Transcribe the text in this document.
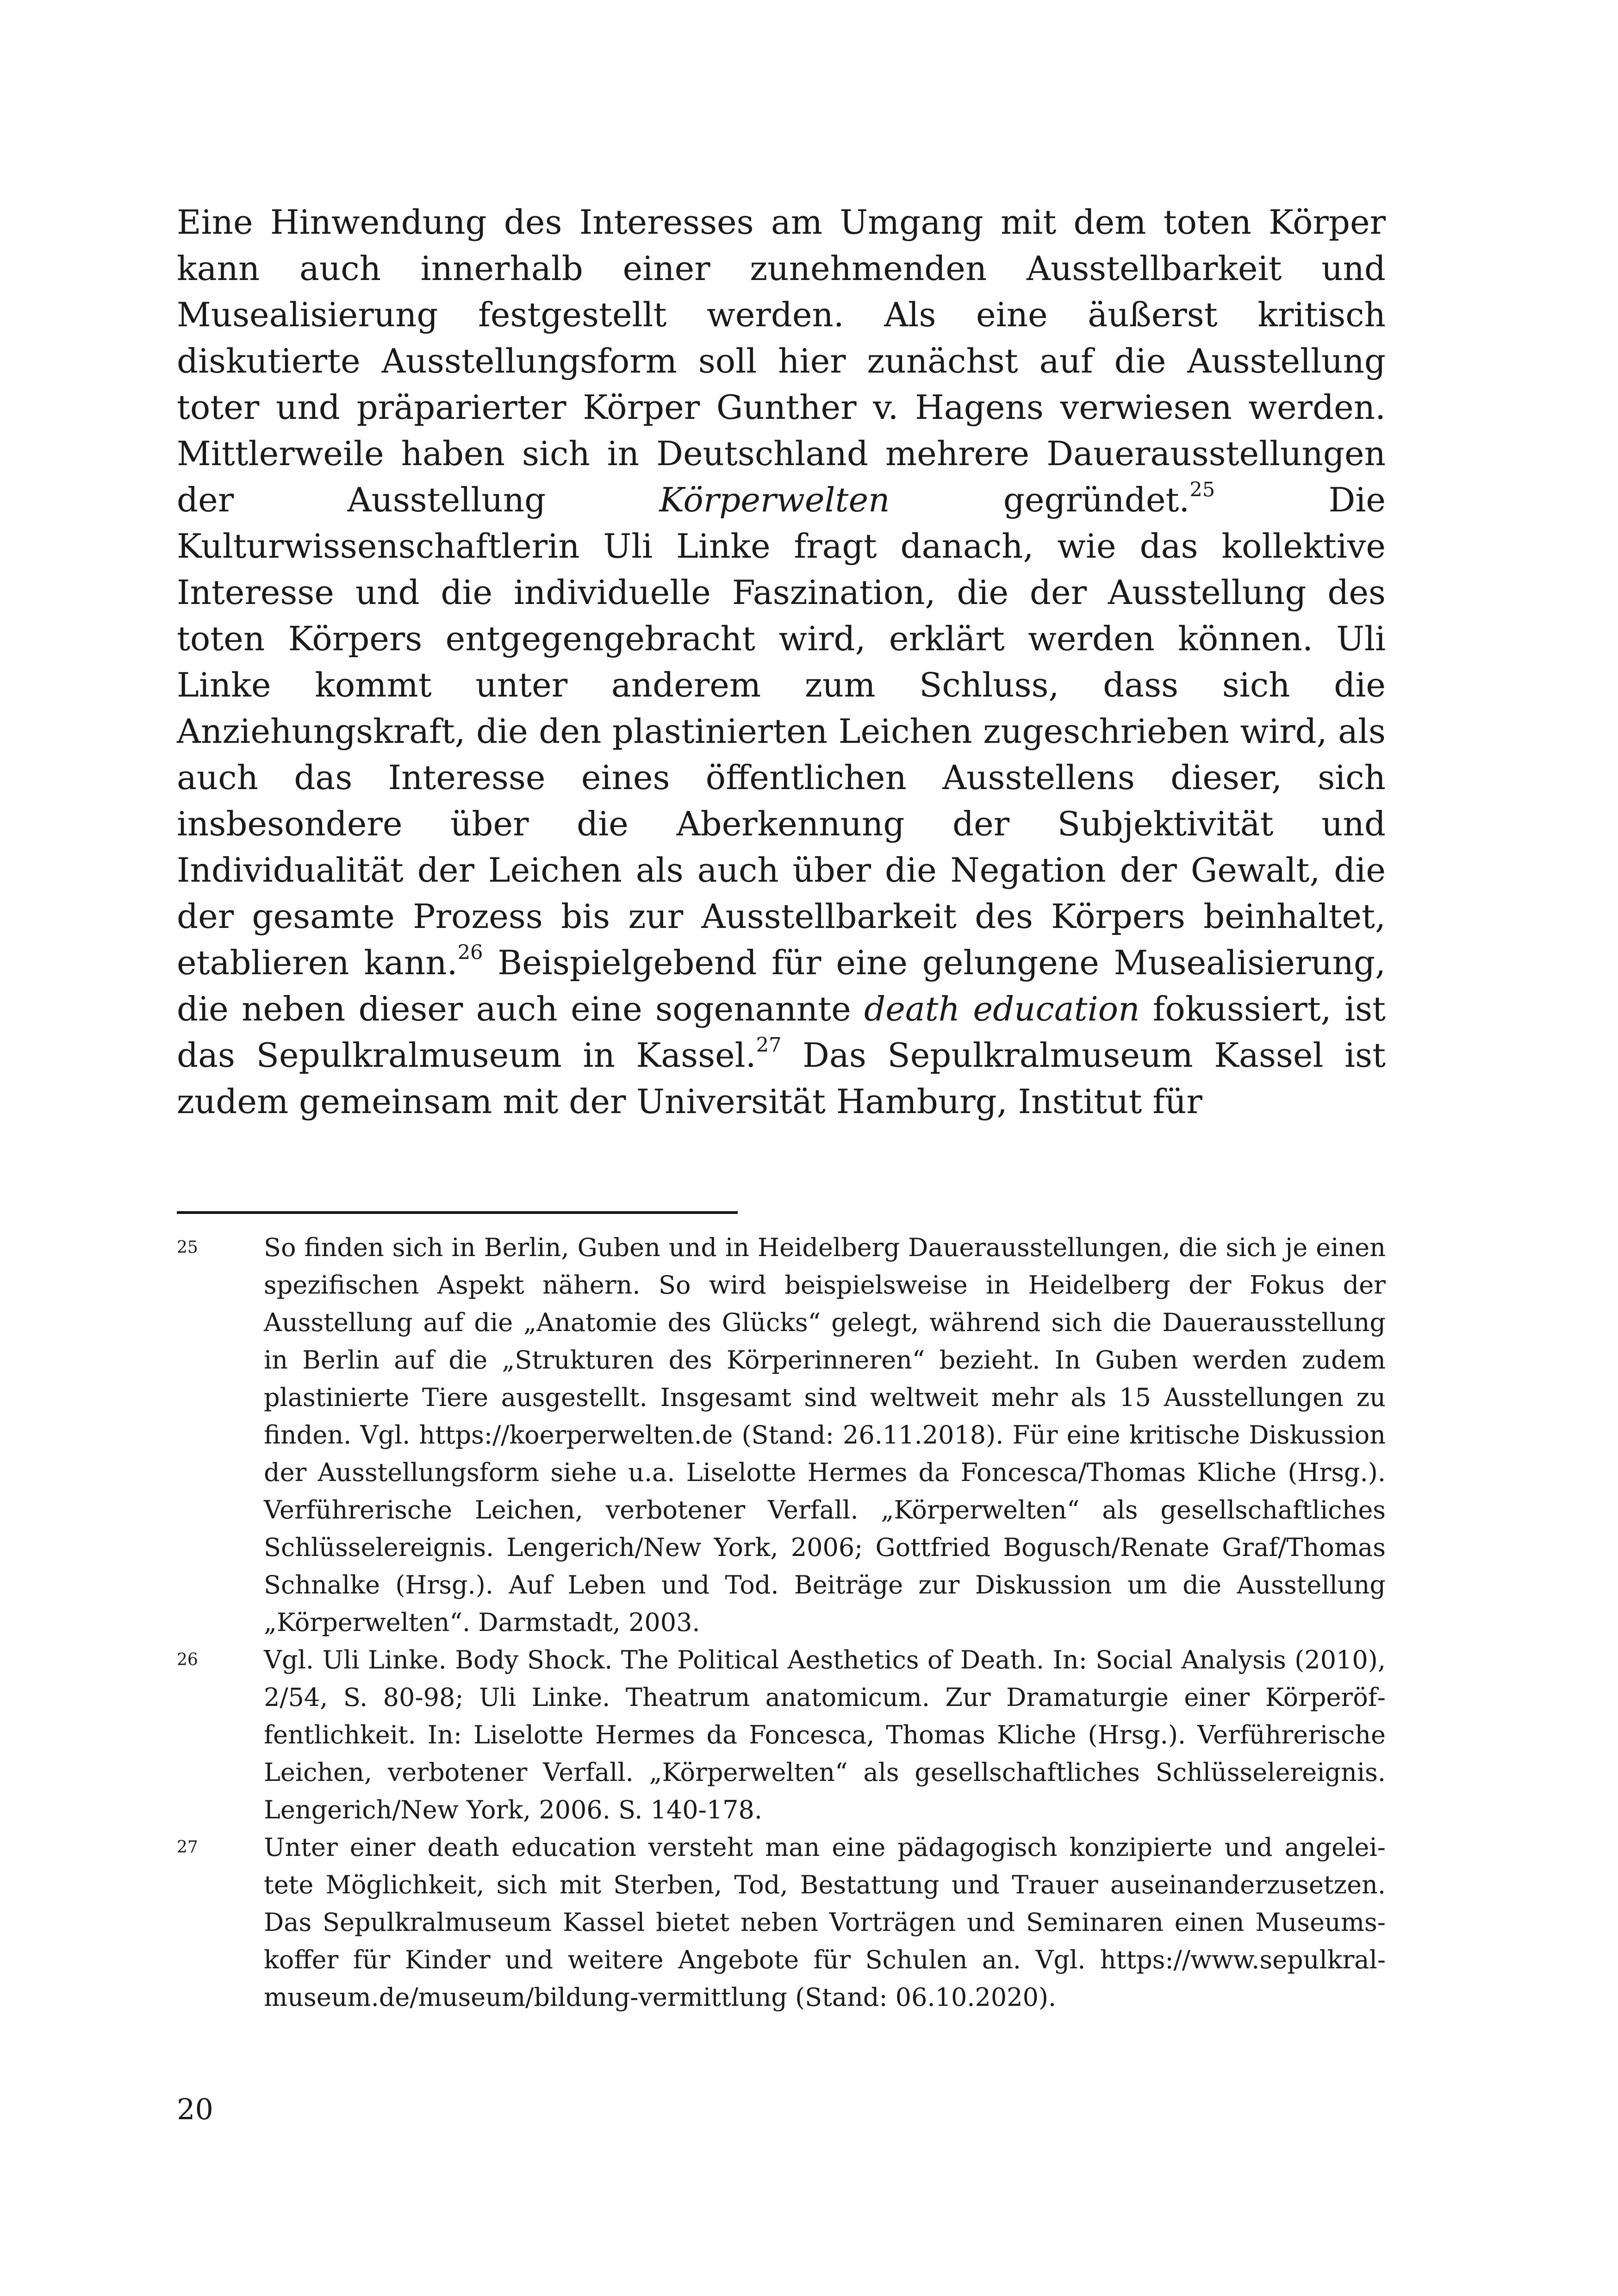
Eine Hinwendung des Interesses am Umgang mit dem toten Körper kann auch innerhalb einer zunehmenden Ausstellbarkeit und Musealisierung festgestellt werden. Als eine äußerst kritisch diskutierte Ausstellungsform soll hier zunächst auf die Ausstellung toter und präparierter Körper Gunther v. Hagens verwiesen werden. Mittlerweile haben sich in Deutschland mehrere Dauerausstellungen der Ausstellung Körperwelten gegründet.$^{25}$ Die Kulturwissenschaftlerin Uli Linke fragt danach, wie das kollektive Interesse und die individuelle Faszination, die der Ausstellung des toten Körpers entgegengebracht wird, erklärt werden können. Uli Linke kommt unter anderem zum Schluss, dass sich die Anziehungskraft, die den plastinierten Leichen zugeschrieben wird, als auch das Interesse eines öffentlichen Ausstellens dieser, sich insbesondere über die Aberkennung der Subjektivität und Individualität der Leichen als auch über die Negation der Gewalt, die der gesamte Prozess bis zur Ausstellbarkeit des Körpers beinhaltet, etablieren kann.$^{26}$ Beispielgebend für eine gelungene Musealisierung, die neben dieser auch eine sogenannte death education fokussiert, ist das Sepulkralmuseum in Kassel.$^{27}$ Das Sepulkralmuseum Kassel ist zudem gemeinsam mit der Universität Hamburg, Institut für

25	So finden sich in Berlin, Guben und in Heidelberg Dauerausstellungen, die sich je einen spezifischen Aspekt nähern. So wird beispielsweise in Heidelberg der Fokus der Ausstellung auf die „Anatomie des Glücks“ gelegt, während sich die Dauerausstellung in Berlin auf die „Strukturen des Körperinneren“ bezieht. In Guben werden zudem plastinierte Tiere ausgestellt. Insgesamt sind weltweit mehr als 15 Ausstellungen zu finden. Vgl. https://koerperwelten.de (Stand: 26.11.2018). Für eine kritische Diskussion der Ausstellungsform siehe u.a. Liselotte Hermes da Foncesca/Thomas Kliche (Hrsg.). Verführerische Leichen, verbotener Verfall. „Körperwelten“ als gesellschaftliches Schlüsselereignis. Lengerich/New York, 2006; Gottfried Bogusch/Renate Graf/Thomas Schnalke (Hrsg.). Auf Leben und Tod. Beiträge zur Diskussion um die Ausstellung „Körperwelten“. Darmstadt, 2003.

26	Vgl. Uli Linke. Body Shock. The Political Aesthetics of Death. In: Social Analysis (2010), 2/54, S. 80-98; Uli Linke. Theatrum anatomicum. Zur Dramaturgie einer Körperöffentlichkeit. In: Liselotte Hermes da Foncesca, Thomas Kliche (Hrsg.). Verführerische Leichen, verbotener Verfall. „Körperwelten“ als gesellschaftliches Schlüsselereignis. Lengerich/New York, 2006. S. 140-178.

27	Unter einer death education versteht man eine pädagogisch konzipierte und angeleitete Möglichkeit, sich mit Sterben, Tod, Bestattung und Trauer auseinanderzusetzen. Das Sepulkralmuseum Kassel bietet neben Vorträgen und Seminaren einen Museumskoffer für Kinder und weitere Angebote für Schulen an. Vgl. https://www.sepulkralmuseum.de/museum/bildung-vermittlung (Stand: 06.10.2020).

20
